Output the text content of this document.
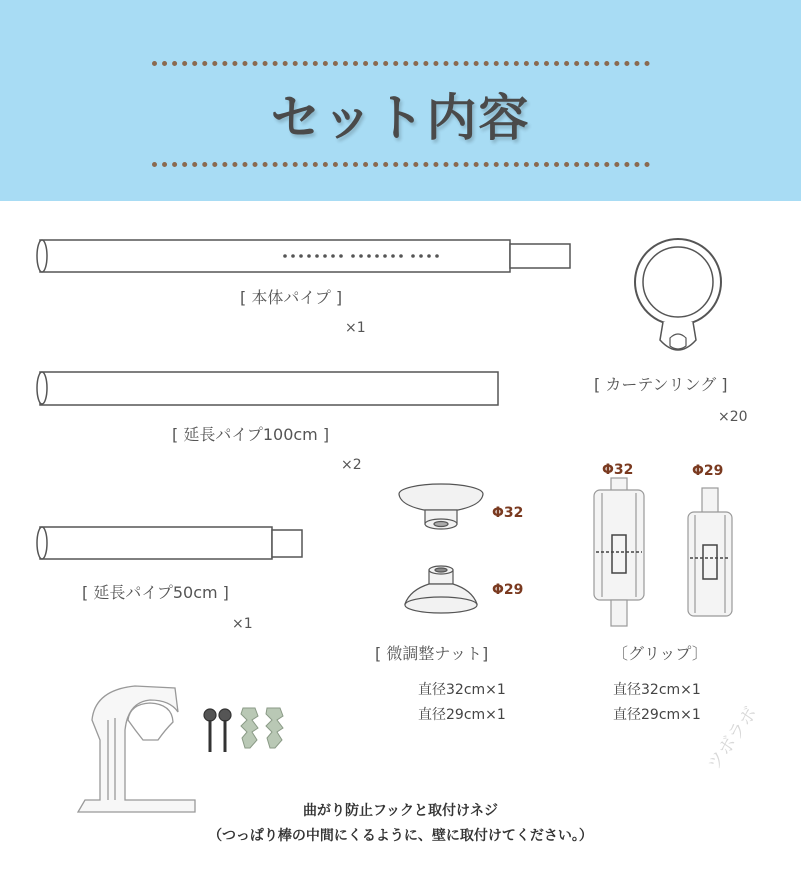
セット内容
[ 本体パイプ ]
×1
[ 延長パイプ100cm ]
×2
[ 延長パイプ50cm ]
×1
[ カーテンリング ]
×20
Φ32
Φ29
[ 微調整ナット]
直径32cm×1
直径29cm×1
Φ32	Φ29
〔グリップ〕
直径32cm×1
直径29cm×1
曲がり防止フックと取付けネジ
（つっぱり棒の中間にくるように、壁に取付けてください。）
ツボラボ
